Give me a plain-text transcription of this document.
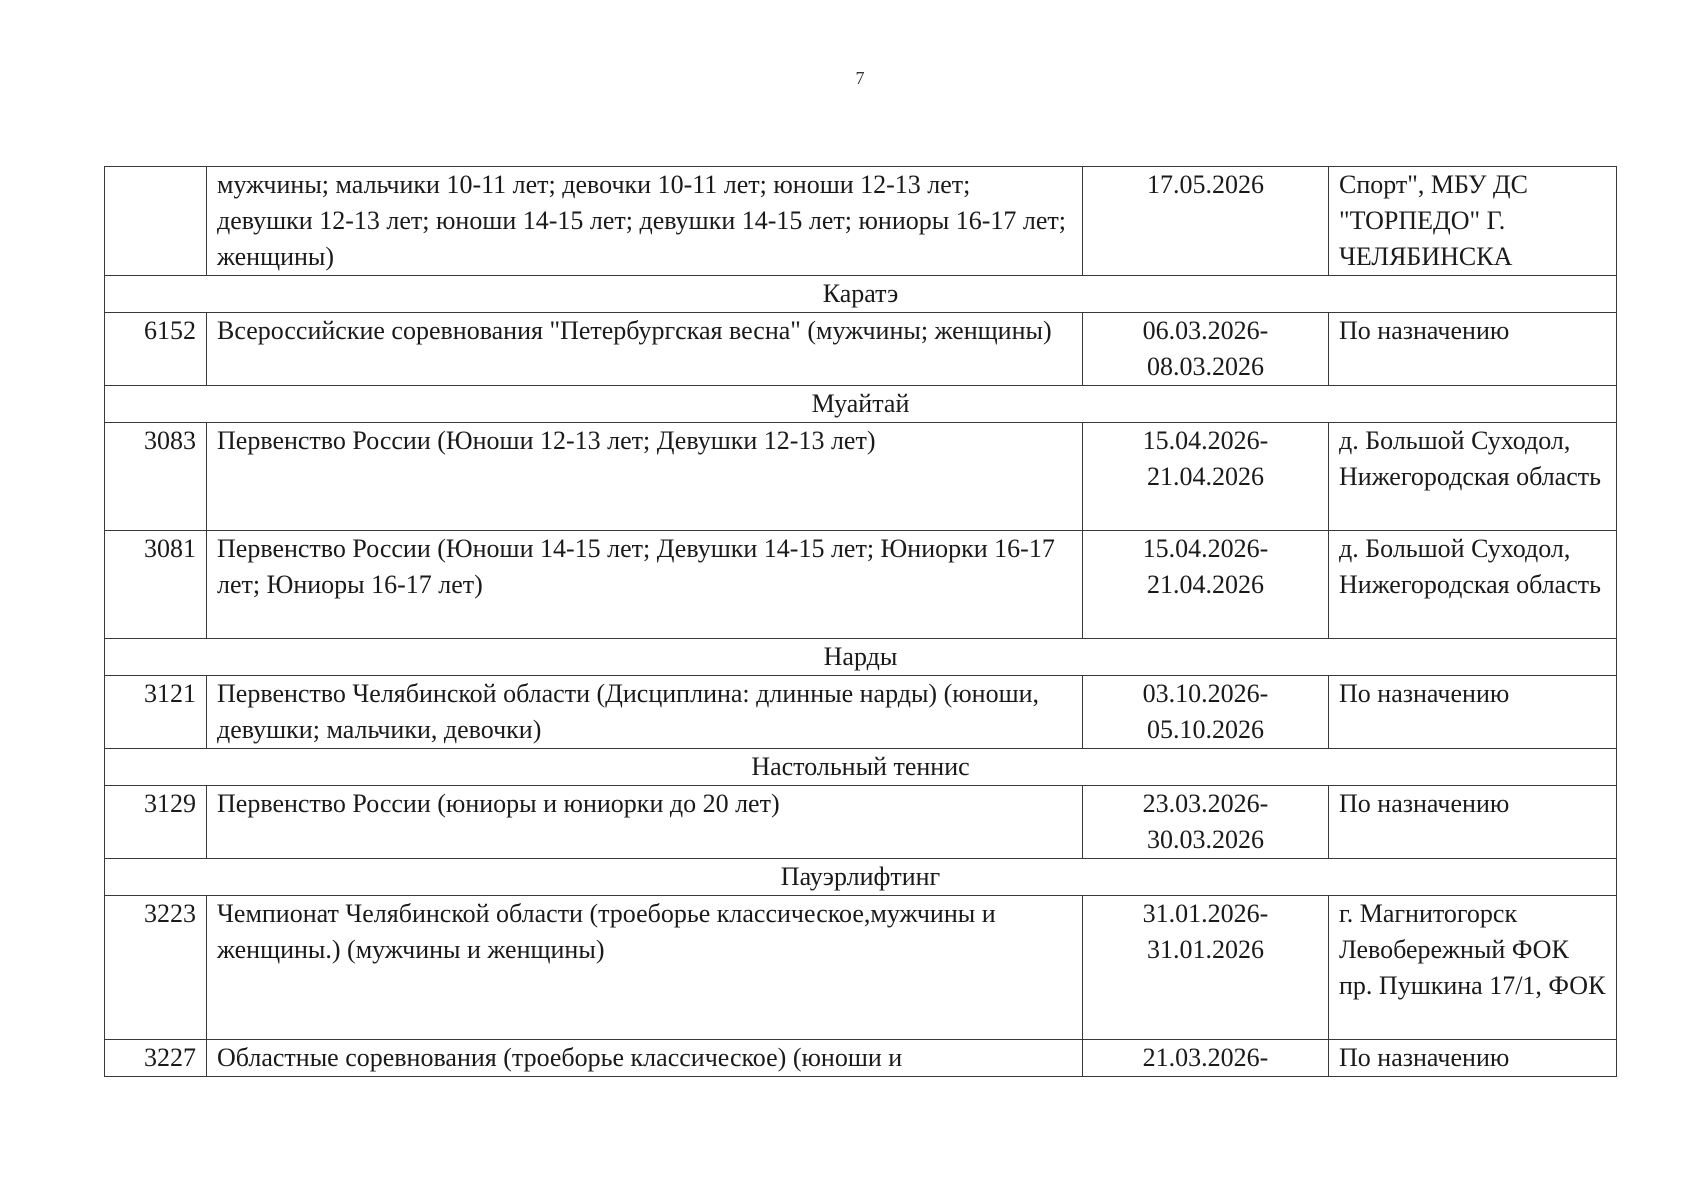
7
	мужчины; мальчики 10-11 лет; девочки 10-11 лет; юноши 12-13 лет; девушки 12-13 лет; юноши 14-15 лет; девушки 14-15 лет; юниоры 16-17 лет; женщины)	17.05.2026	Спорт", МБУ ДС "ТОРПЕДО" Г. ЧЕЛЯБИНСКА
Каратэ			
6152	Всероссийские соревнования "Петербургская весна" (мужчины; женщины)	06.03.2026- 08.03.2026	По назначению
Муайтай			
3083	Первенство России (Юноши 12-13 лет; Девушки 12-13 лет)	15.04.2026- 21.04.2026	д. Большой Суходол, Нижегородская область
3081	Первенство России (Юноши 14-15 лет; Девушки 14-15 лет; Юниорки 16-17 лет; Юниоры 16-17 лет)	15.04.2026- 21.04.2026	д. Большой Суходол, Нижегородская область
Нарды			
3121	Первенство Челябинской области (Дисциплина: длинные нарды) (юноши, девушки; мальчики, девочки)	03.10.2026- 05.10.2026	По назначению
Настольный теннис			
3129	Первенство России (юниоры и юниорки до 20 лет)	23.03.2026- 30.03.2026	По назначению
Пауэрлифтинг			
3223	Чемпионат Челябинской области (троеборье классическое,мужчины и женщины.) (мужчины и женщины)	31.01.2026- 31.01.2026	г. Магнитогорск Левобережный ФОК пр. Пушкина 17/1, ФОК
3227	Областные соревнования (троеборье классическое) (юноши и	21.03.2026-	По назначению
